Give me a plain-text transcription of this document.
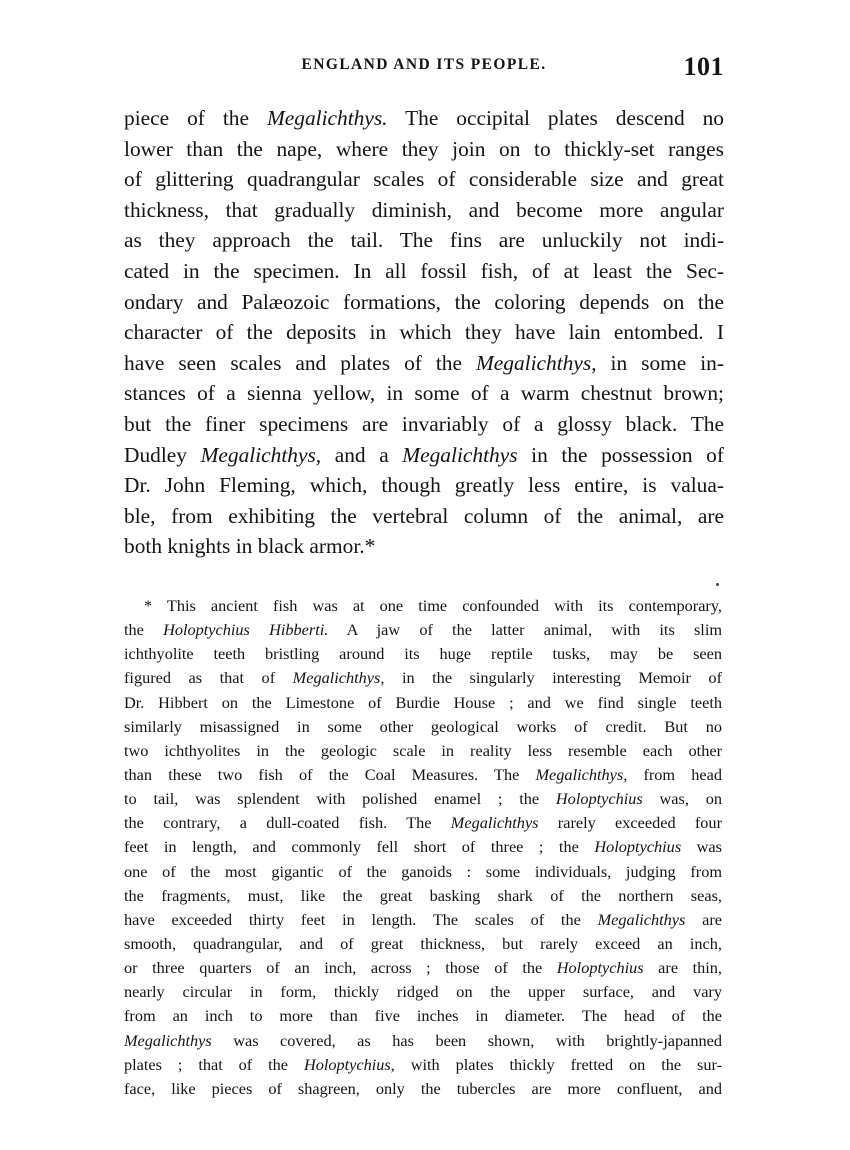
ENGLAND AND ITS PEOPLE.	101
piece of the Megalichthys. The occipital plates descend no
lower than the nape, where they join on to thickly-set ranges
of glittering quadrangular scales of considerable size and great
thickness, that gradually diminish, and become more angular
as they approach the tail. The fins are unluckily not indi-
cated in the specimen. In all fossil fish, of at least the Sec-
ondary and Palæozoic formations, the coloring depends on the
character of the deposits in which they have lain entombed. I
have seen scales and plates of the Megalichthys, in some in-
stances of a sienna yellow, in some of a warm chestnut brown;
but the finer specimens are invariably of a glossy black. The
Dudley Megalichthys, and a Megalichthys in the possession of
Dr. John Fleming, which, though greatly less entire, is valua-
ble, from exhibiting the vertebral column of the animal, are
both knights in black armor.*
* This ancient fish was at one time confounded with its contemporary,
the Holoptychius Hibberti. A jaw of the latter animal, with its slim
ichthyolite teeth bristling around its huge reptile tusks, may be seen
figured as that of Megalichthys, in the singularly interesting Memoir of
Dr. Hibbert on the Limestone of Burdie House ; and we find single teeth
similarly misassigned in some other geological works of credit. But no
two ichthyolites in the geologic scale in reality less resemble each other
than these two fish of the Coal Measures. The Megalichthys, from head
to tail, was splendent with polished enamel ; the Holoptychius was, on
the contrary, a dull-coated fish. The Megalichthys rarely exceeded four
feet in length, and commonly fell short of three ; the Holoptychius was
one of the most gigantic of the ganoids : some individuals, judging from
the fragments, must, like the great basking shark of the northern seas,
have exceeded thirty feet in length. The scales of the Megalichthys are
smooth, quadrangular, and of great thickness, but rarely exceed an inch,
or three quarters of an inch, across ; those of the Holoptychius are thin,
nearly circular in form, thickly ridged on the upper surface, and vary
from an inch to more than five inches in diameter. The head of the
Megalichthys was covered, as has been shown, with brightly-japanned
plates ; that of the Holoptychius, with plates thickly fretted on the sur-
face, like pieces of shagreen, only the tubercles are more confluent, and
